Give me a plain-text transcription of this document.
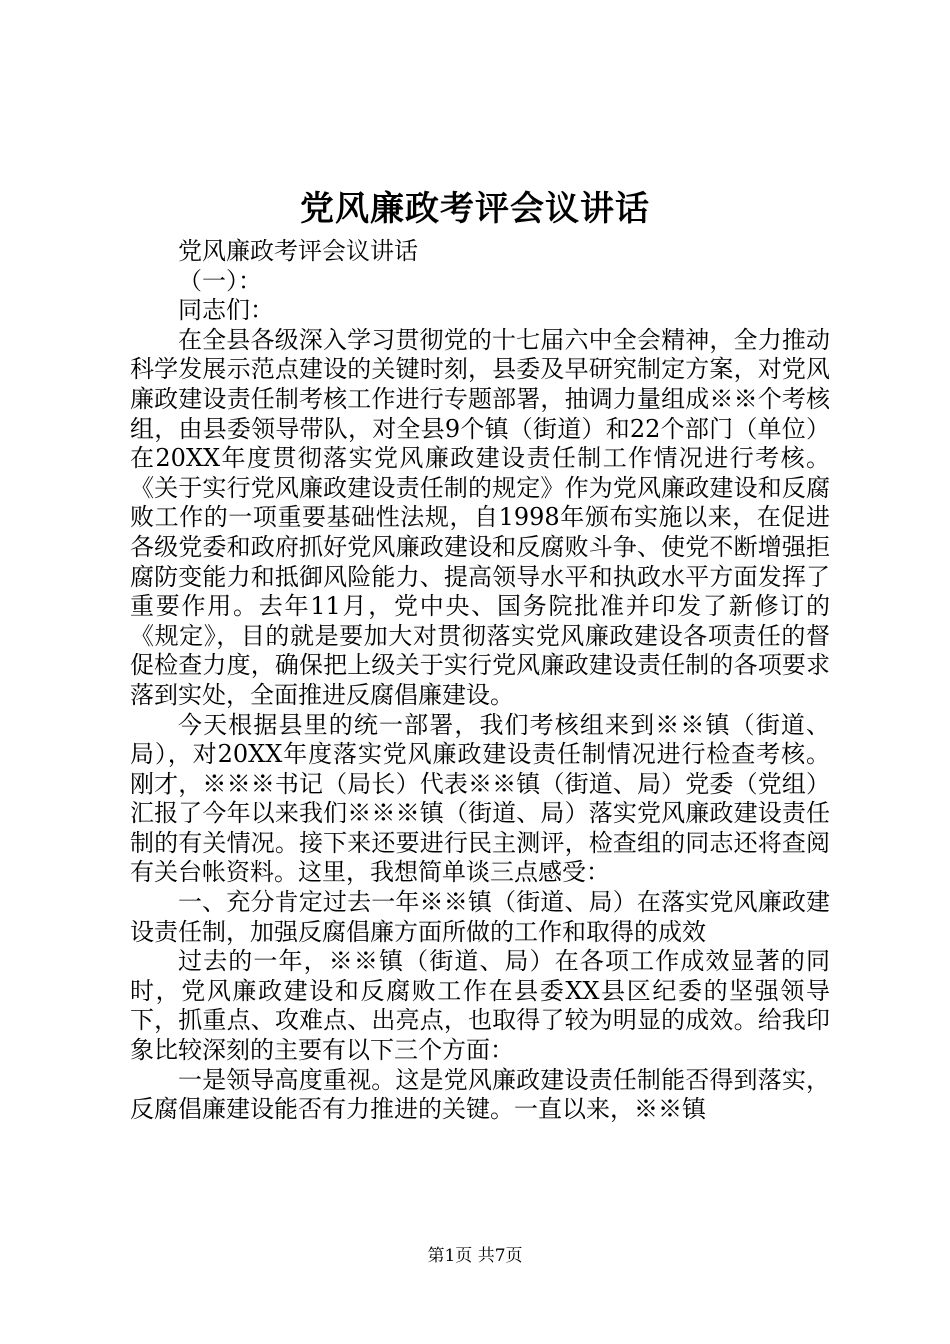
党风廉政考评会议讲话

党风廉政考评会议讲话

（一）：

同志们：

在全县各级深入学习贯彻党的十七届六中全会精神，全力推动科学发展示范点建设的关键时刻，县委及早研究制定方案，对党风廉政建设责任制考核工作进行专题部署，抽调力量组成※※个考核组，由县委领导带队，对全县9个镇（街道）和22个部门（单位）在20XX年度贯彻落实党风廉政建设责任制工作情况进行考核。《关于实行党风廉政建设责任制的规定》作为党风廉政建设和反腐败工作的一项重要基础性法规，自1998年颁布实施以来，在促进各级党委和政府抓好党风廉政建设和反腐败斗争、使党不断增强拒腐防变能力和抵御风险能力、提高领导水平和执政水平方面发挥了重要作用。去年11月，党中央、国务院批准并印发了新修订的《规定》，目的就是要加大对贯彻落实党风廉政建设各项责任的督促检查力度，确保把上级关于实行党风廉政建设责任制的各项要求落到实处，全面推进反腐倡廉建设。

今天根据县里的统一部署，我们考核组来到※※镇（街道、局），对20XX年度落实党风廉政建设责任制情况进行检查考核。刚才，※※※书记（局长）代表※※镇（街道、局）党委（党组）汇报了今年以来我们※※※镇（街道、局）落实党风廉政建设责任制的有关情况。接下来还要进行民主测评，检查组的同志还将查阅有关台帐资料。这里，我想简单谈三点感受：

一、充分肯定过去一年※※镇（街道、局）在落实党风廉政建设责任制，加强反腐倡廉方面所做的工作和取得的成效

过去的一年，※※镇（街道、局）在各项工作成效显著的同时，党风廉政建设和反腐败工作在县委XX县区纪委的坚强领导下，抓重点、攻难点、出亮点，也取得了较为明显的成效。给我印象比较深刻的主要有以下三个方面：

一是领导高度重视。这是党风廉政建设责任制能否得到落实，反腐倡廉建设能否有力推进的关键。一直以来，※※镇

第1页 共7页
